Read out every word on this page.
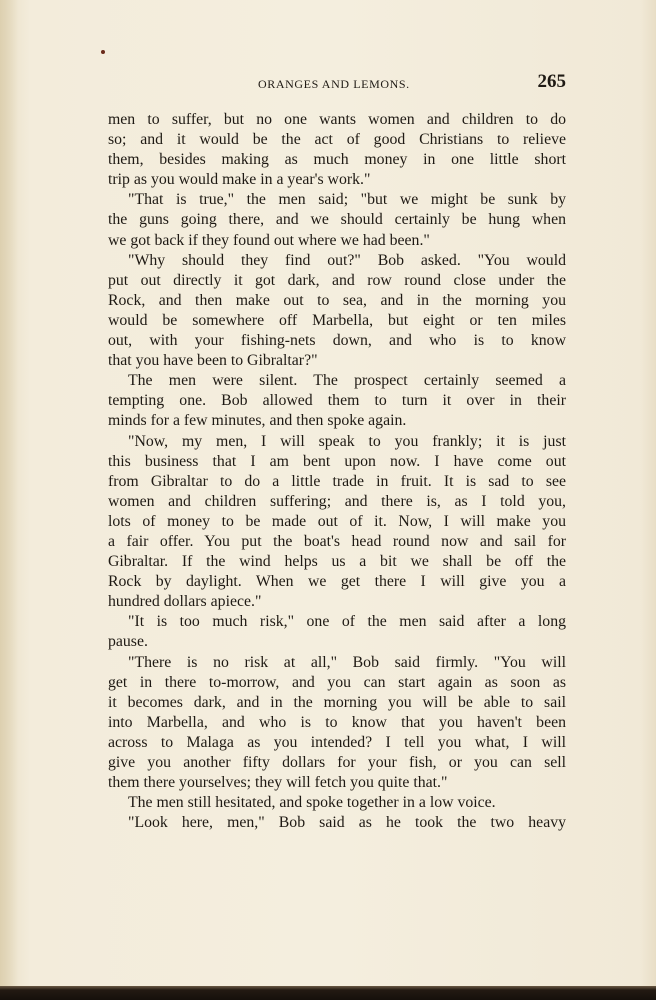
ORANGES AND LEMONS.	265
men to suffer, but no one wants women and children to do
so; and it would be the act of good Christians to relieve
them, besides making as much money in one little short
trip as you would make in a year's work."
"That is true," the men said; "but we might be sunk by
the guns going there, and we should certainly be hung when
we got back if they found out where we had been."
"Why should they find out?" Bob asked. "You would
put out directly it got dark, and row round close under the
Rock, and then make out to sea, and in the morning you
would be somewhere off Marbella, but eight or ten miles
out, with your fishing-nets down, and who is to know
that you have been to Gibraltar?"
The men were silent. The prospect certainly seemed a
tempting one. Bob allowed them to turn it over in their
minds for a few minutes, and then spoke again.
"Now, my men, I will speak to you frankly; it is just
this business that I am bent upon now. I have come out
from Gibraltar to do a little trade in fruit. It is sad to see
women and children suffering; and there is, as I told you,
lots of money to be made out of it. Now, I will make you
a fair offer. You put the boat's head round now and sail for
Gibraltar. If the wind helps us a bit we shall be off the
Rock by daylight. When we get there I will give you a
hundred dollars apiece."
"It is too much risk," one of the men said after a long
pause.
"There is no risk at all," Bob said firmly. "You will
get in there to-morrow, and you can start again as soon as
it becomes dark, and in the morning you will be able to sail
into Marbella, and who is to know that you haven't been
across to Malaga as you intended? I tell you what, I will
give you another fifty dollars for your fish, or you can sell
them there yourselves; they will fetch you quite that."
The men still hesitated, and spoke together in a low voice.
"Look here, men," Bob said as he took the two heavy
